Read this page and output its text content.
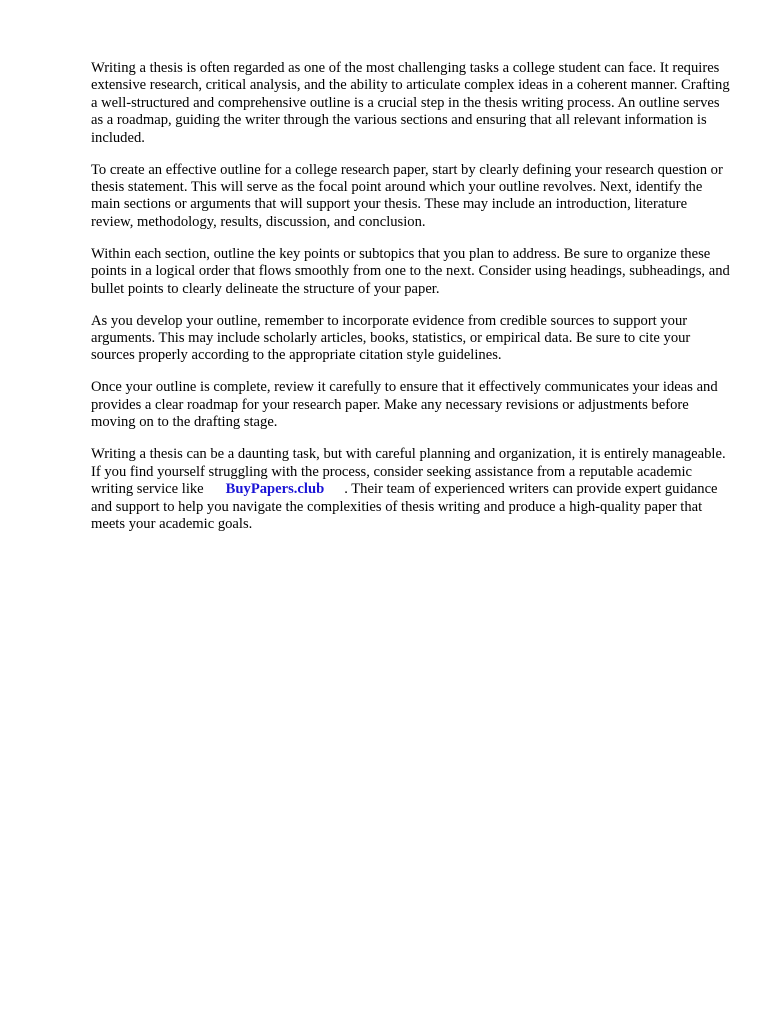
Writing a thesis is often regarded as one of the most challenging tasks a college student can face. It requires extensive research, critical analysis, and the ability to articulate complex ideas in a coherent manner. Crafting a well-structured and comprehensive outline is a crucial step in the thesis writing process. An outline serves as a roadmap, guiding the writer through the various sections and ensuring that all relevant information is included.

To create an effective outline for a college research paper, start by clearly defining your research question or thesis statement. This will serve as the focal point around which your outline revolves. Next, identify the main sections or arguments that will support your thesis. These may include an introduction, literature review, methodology, results, discussion, and conclusion.

Within each section, outline the key points or subtopics that you plan to address. Be sure to organize these points in a logical order that flows smoothly from one to the next. Consider using headings, subheadings, and bullet points to clearly delineate the structure of your paper.

As you develop your outline, remember to incorporate evidence from credible sources to support your arguments. This may include scholarly articles, books, statistics, or empirical data. Be sure to cite your sources properly according to the appropriate citation style guidelines.

Once your outline is complete, review it carefully to ensure that it effectively communicates your ideas and provides a clear roadmap for your research paper. Make any necessary revisions or adjustments before moving on to the drafting stage.

Writing a thesis can be a daunting task, but with careful planning and organization, it is entirely manageable. If you find yourself struggling with the process, consider seeking assistance from a reputable academic writing service like BuyPapers.club . Their team of experienced writers can provide expert guidance and support to help you navigate the complexities of thesis writing and produce a high-quality paper that meets your academic goals.
